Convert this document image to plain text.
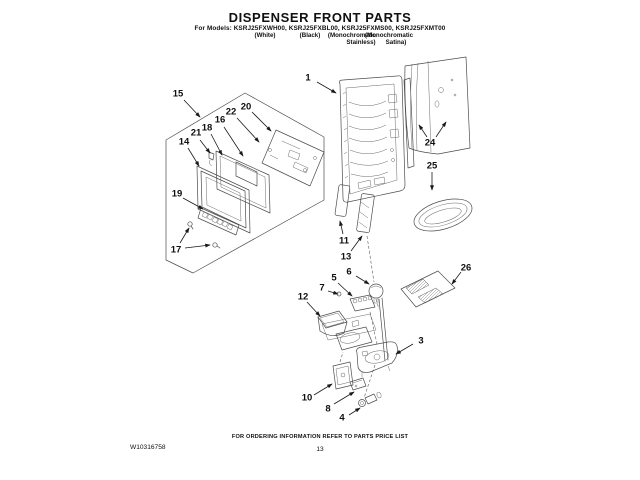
DISPENSER FRONT PARTS
For Models: KSRJ25FXWH00, KSRJ25FXBL00, KSRJ25FXMS00, KSRJ25FXMT00
(White)	(Black) (Monochromatic
Stainless)
(Monochromatic
Satina)
1
3
4
5
6
7
8
10
11
12
13
14
15
16
17
18
19
20
21
22
24
25
26
FOR ORDERING INFORMATION REFER TO PARTS PRICE LIST
W10316758	13
